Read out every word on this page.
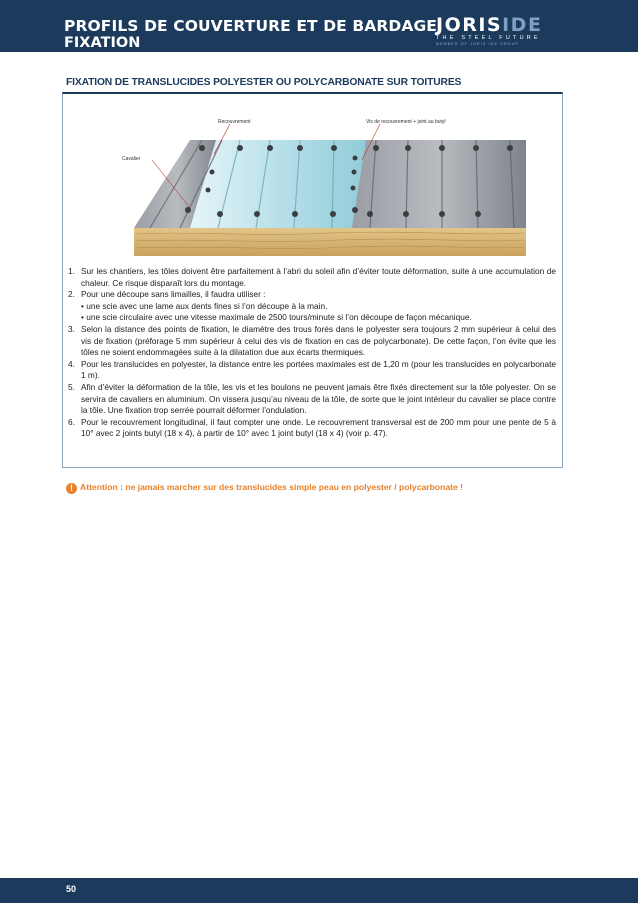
PROFILS DE COUVERTURE ET DE BARDAGE
FIXATION
JORISIDE
THE STEEL FUTURE
MEMBER OF JORIS IDE GROUP
FIXATION DE TRANSLUCIDES POLYESTER OU POLYCARBONATE SUR TOITURES
Recouvrement	Vis de recouvrement + joint au butyl
Cavalier
1. Sur les chantiers, les tôles doivent être parfaitement à l’abri du soleil afin d’éviter toute déformation, suite à une accumulation de chaleur. Ce risque disparaît lors du montage.
2. Pour une découpe sans limailles, il faudra utiliser :
• une scie avec une lame aux dents fines si l’on découpe à la main.
• une scie circulaire avec une vitesse maximale de 2500 tours/minute si l’on découpe de façon mécanique.
3. Selon la distance des points de fixation, le diamètre des trous forés dans le polyester sera toujours 2 mm supérieur à celui des vis de fixation (préforage 5 mm supérieur à celui des vis de fixation en cas de polycarbonate). De cette façon, l’on évite que les tôles ne soient endommagées suite à la dilatation due aux écarts thermiques.
4. Pour les translucides en polyester, la distance entre les portées maximales est de 1,20 m (pour les translucides en polycarbonate 1 m).
5. Afin d’éviter la déformation de la tôle, les vis et les boulons ne peuvent jamais être fixés directement sur la tôle polyester. On se servira de cavaliers en aluminium. On vissera jusqu’au niveau de la tôle, de sorte que le joint intérieur du cavalier se place contre la tôle. Une fixation trop serrée pourrait déformer l’ondulation.
6. Pour le recouvrement longitudinal, il faut compter une onde. Le recouvrement transversal est de 200 mm pour une pente de 5 à 10° avec 2 joints butyl (18 x 4), à partir de 10° avec 1 joint butyl (18 x 4) (voir p. 47).
! Attention : ne jamais marcher sur des translucides simple peau en polyester / polycarbonate !
50
